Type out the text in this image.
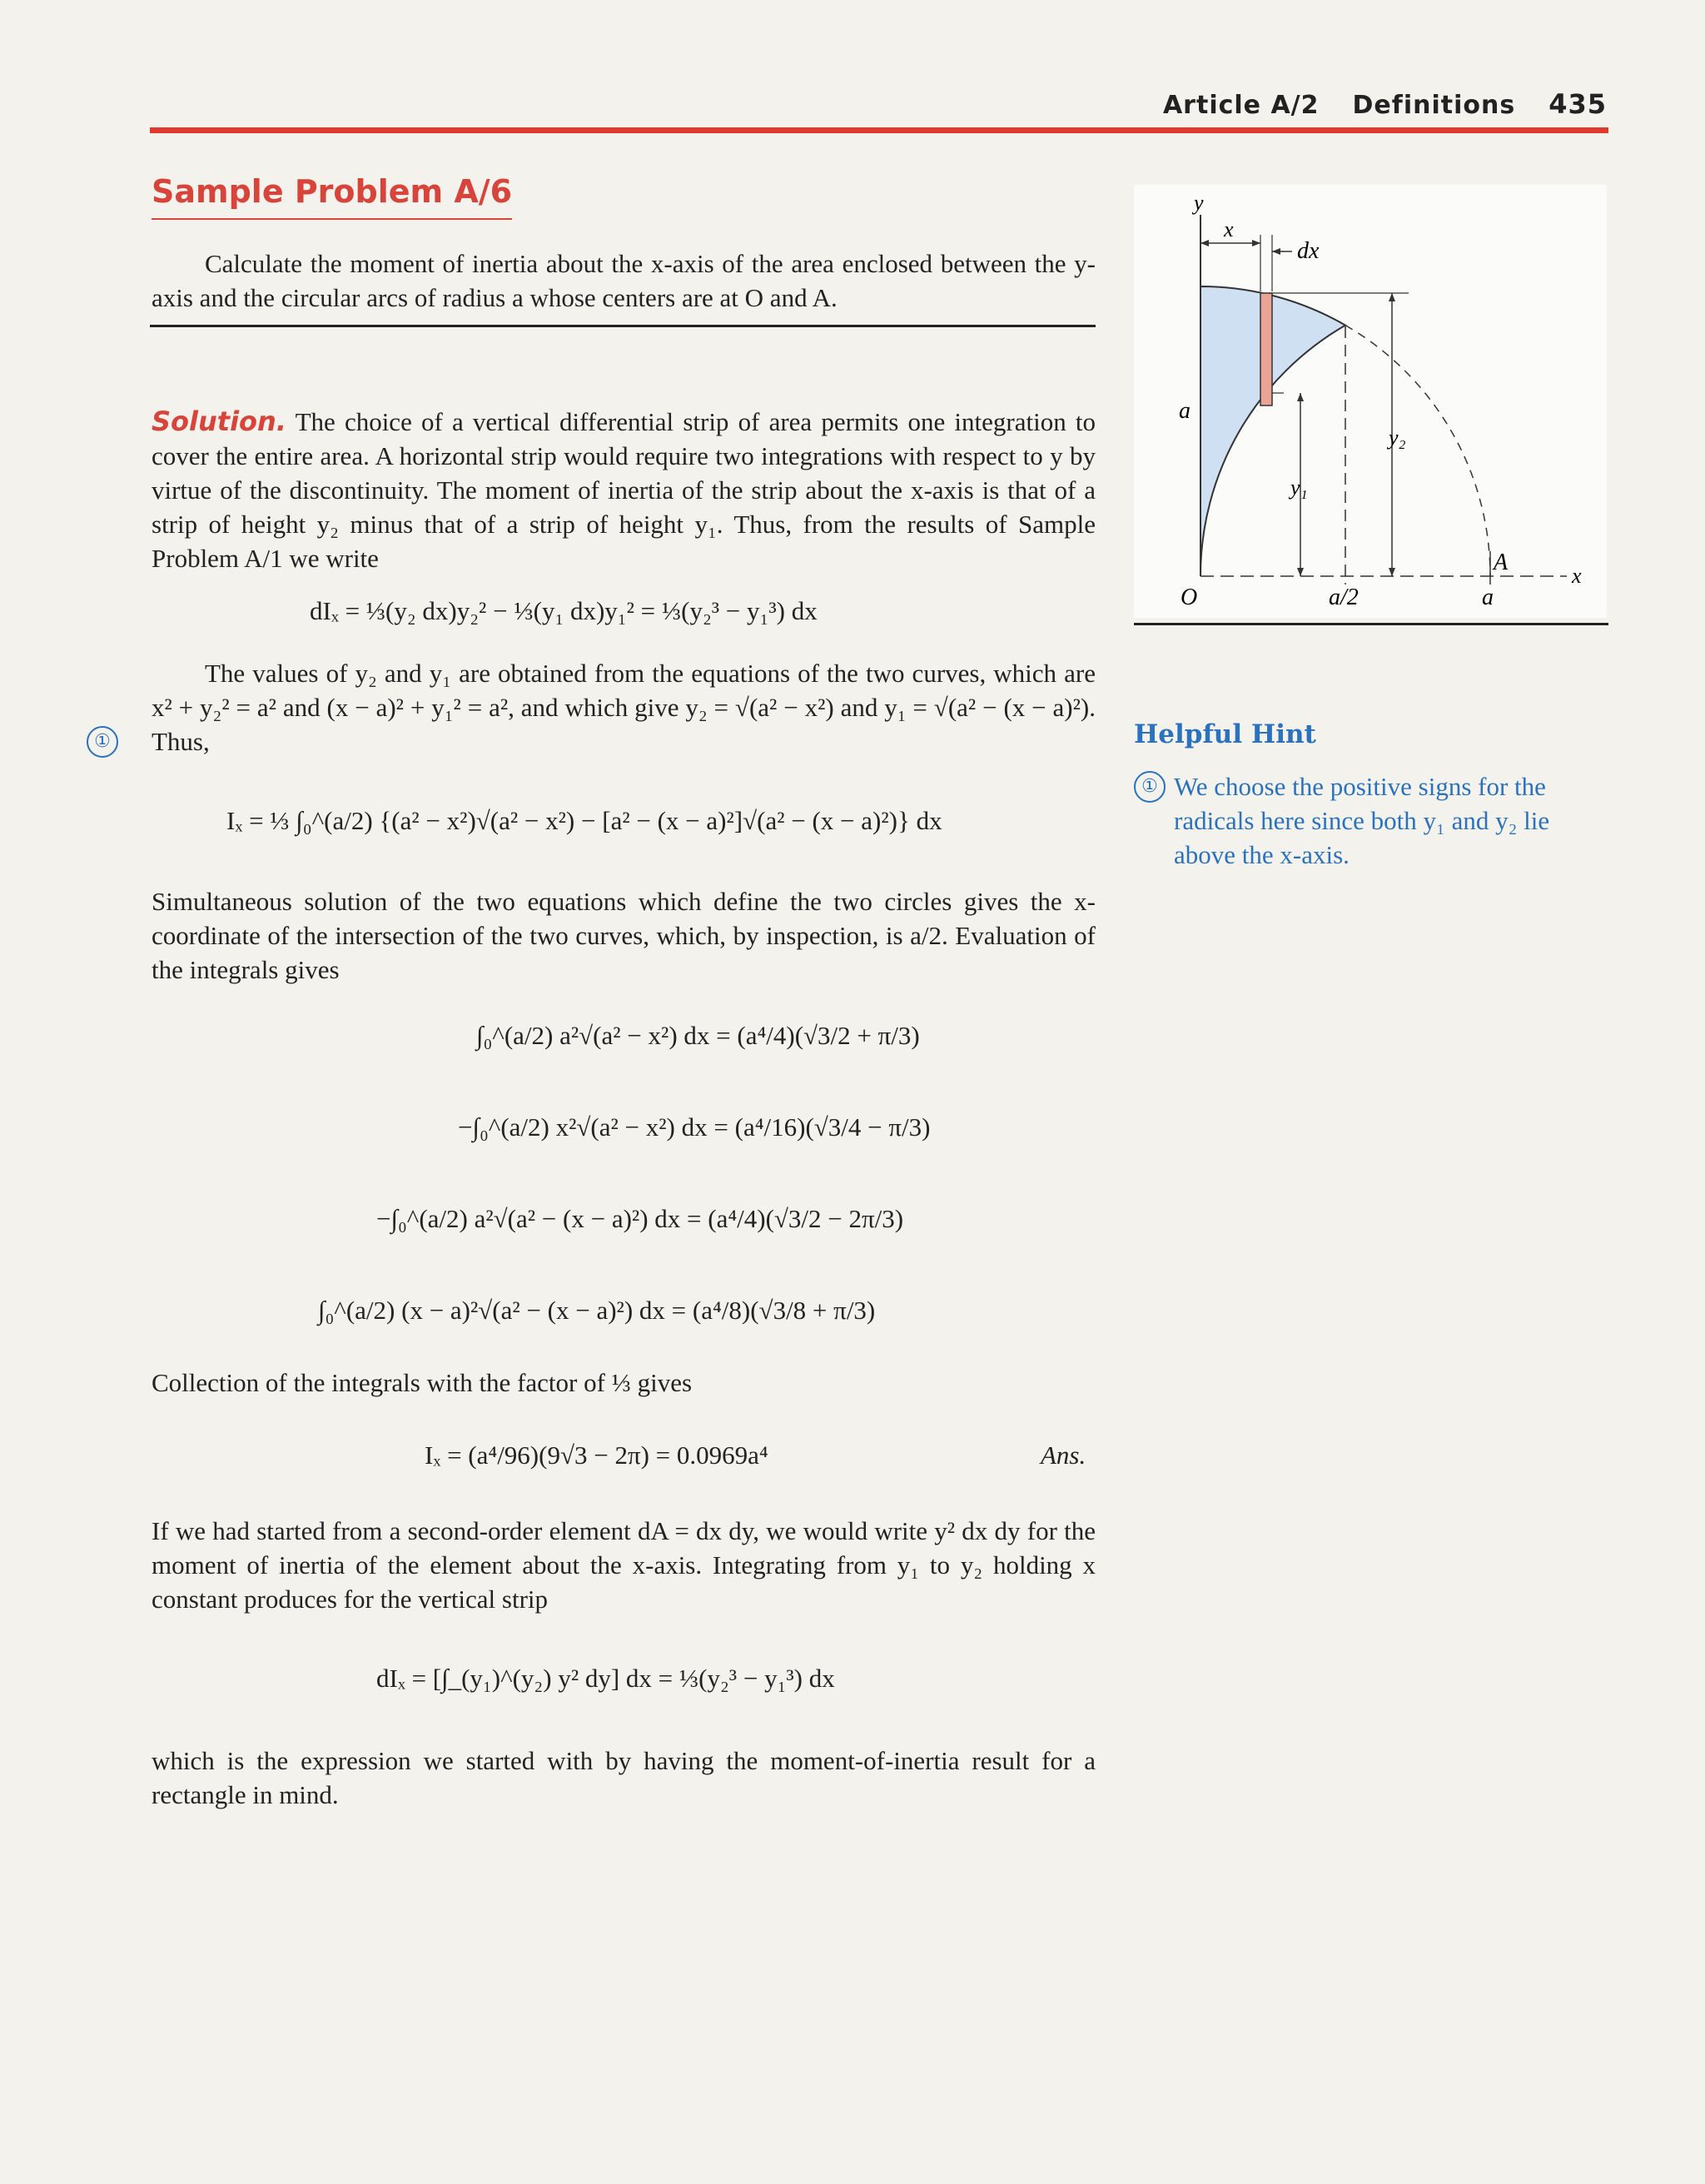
Article A/2 Definitions 435
Sample Problem A/6
Calculate the moment of inertia about the x-axis of the area enclosed between the y-axis and the circular arcs of radius a whose centers are at O and A.
Solution. The choice of a vertical differential strip of area permits one integration to cover the entire area. A horizontal strip would require two integrations with respect to y by virtue of the discontinuity. The moment of inertia of the strip about the x-axis is that of a strip of height y₂ minus that of a strip of height y₁. Thus, from the results of Sample Problem A/1 we write
dIₓ = ⅓(y₂ dx)y₂² − ⅓(y₁ dx)y₁² = ⅓(y₂³ − y₁³) dx
The values of y₂ and y₁ are obtained from the equations of the two curves, which are x² + y₂² = a² and (x − a)² + y₁² = a², and which give y₂ = √(a² − x²) and y₁ = √(a² − (x − a)²). Thus,
①
Iₓ = ⅓ ∫₀^(a/2) {(a² − x²)√(a² − x²) − [a² − (x − a)²]√(a² − (x − a)²)} dx
Simultaneous solution of the two equations which define the two circles gives the x-coordinate of the intersection of the two curves, which, by inspection, is a/2. Evaluation of the integrals gives
∫₀^(a/2) a²√(a² − x²) dx = (a⁴/4)(√3/2 + π/3)
−∫₀^(a/2) x²√(a² − x²) dx = (a⁴/16)(√3/4 − π/3)
−∫₀^(a/2) a²√(a² − (x − a)²) dx = (a⁴/4)(√3/2 − 2π/3)
∫₀^(a/2) (x − a)²√(a² − (x − a)²) dx = (a⁴/8)(√3/8 + π/3)
Collection of the integrals with the factor of ⅓ gives
Iₓ = (a⁴/96)(9√3 − 2π) = 0.0969a⁴	Ans.
If we had started from a second-order element dA = dx dy, we would write y² dx dy for the moment of inertia of the element about the x-axis. Integrating from y₁ to y₂ holding x constant produces for the vertical strip
dIₓ = [∫_(y₁)^(y₂) y² dy] dx = ⅓(y₂³ − y₁³) dx
which is the expression we started with by having the moment-of-inertia result for a rectangle in mind.
y
x
dx
a
y₂
y₁
A
x
O	a/2	a
Helpful Hint
① We choose the positive signs for the radicals here since both y₁ and y₂ lie above the x-axis.
